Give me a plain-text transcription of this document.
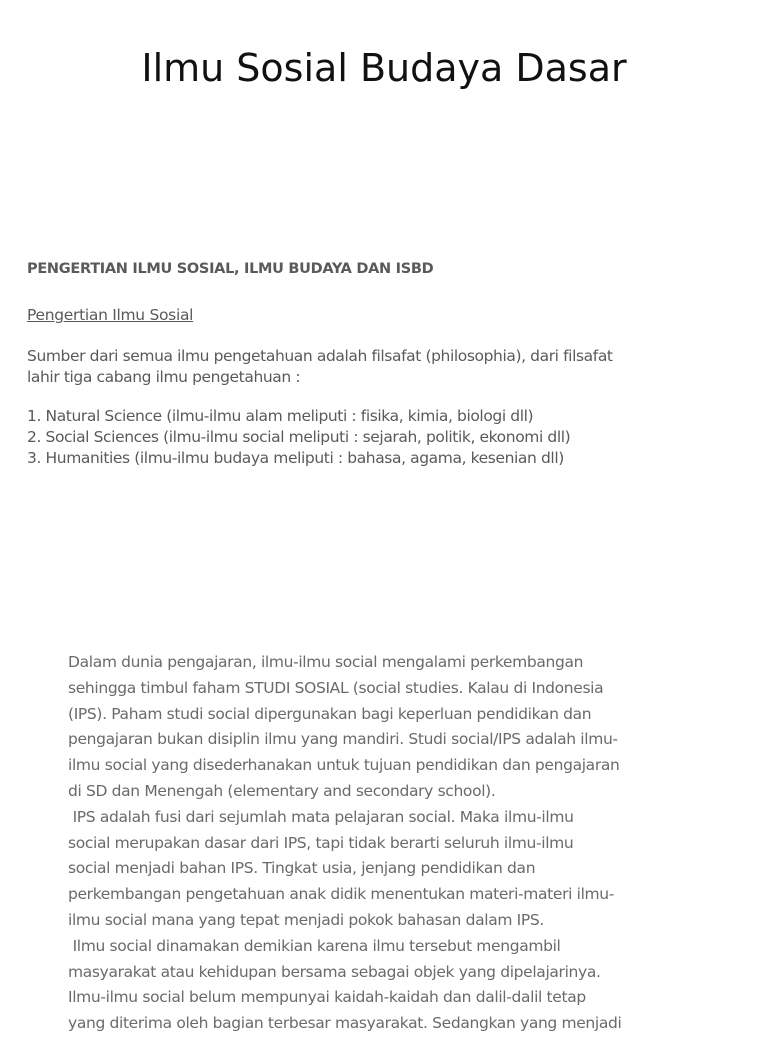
Ilmu Sosial Budaya Dasar
PENGERTIAN ILMU SOSIAL, ILMU BUDAYA DAN ISBD
Pengertian Ilmu Sosial

Sumber dari semua ilmu pengetahuan adalah filsafat (philosophia), dari filsafat
lahir tiga cabang ilmu pengetahuan :

1. Natural Science (ilmu-ilmu alam meliputi : fisika, kimia, biologi dll)
2. Social Sciences (ilmu-ilmu social meliputi : sejarah, politik, ekonomi dll)
3. Humanities (ilmu-ilmu budaya meliputi : bahasa, agama, kesenian dll)
Dalam dunia pengajaran, ilmu-ilmu social mengalami perkembangan
sehingga timbul faham STUDI SOSIAL (social studies. Kalau di Indonesia
(IPS). Paham studi social dipergunakan bagi keperluan pendidikan dan
pengajaran bukan disiplin ilmu yang mandiri. Studi social/IPS adalah ilmu-
ilmu social yang disederhanakan untuk tujuan pendidikan dan pengajaran
di SD dan Menengah (elementary and secondary school).
IPS adalah fusi dari sejumlah mata pelajaran social. Maka ilmu-ilmu
social merupakan dasar dari IPS, tapi tidak berarti seluruh ilmu-ilmu
social menjadi bahan IPS. Tingkat usia, jenjang pendidikan dan
perkembangan pengetahuan anak didik menentukan materi-materi ilmu-
ilmu social mana yang tepat menjadi pokok bahasan dalam IPS.
Ilmu social dinamakan demikian karena ilmu tersebut mengambil
masyarakat atau kehidupan bersama sebagai objek yang dipelajarinya.
Ilmu-ilmu social belum mempunyai kaidah-kaidah dan dalil-dalil tetap
yang diterima oleh bagian terbesar masyarakat. Sedangkan yang menjadi
